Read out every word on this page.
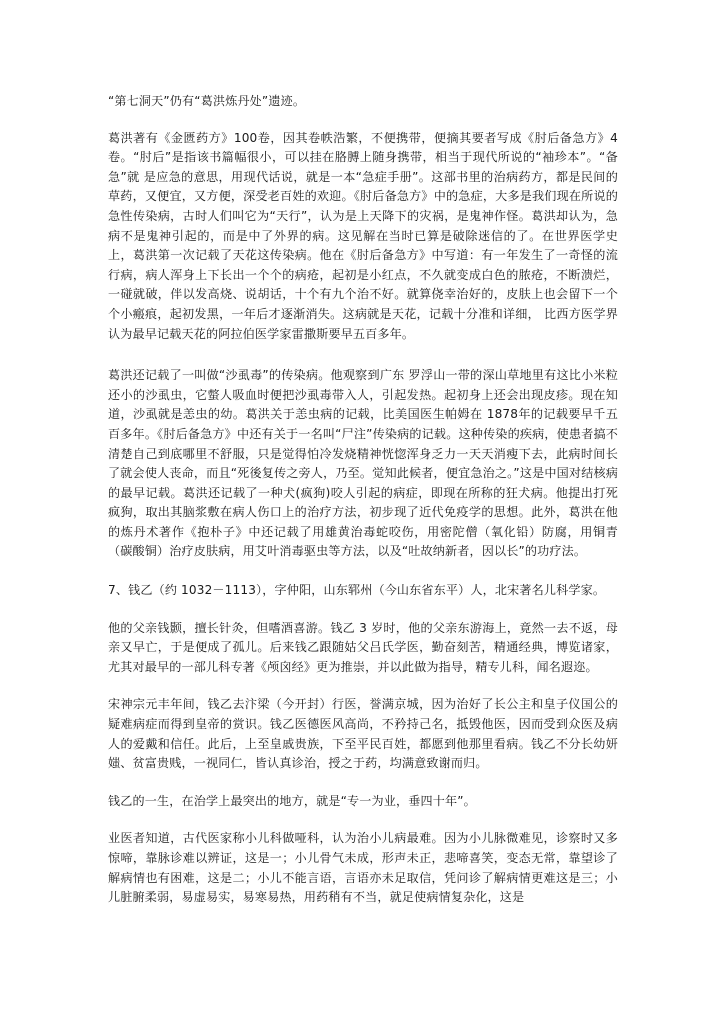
“第七洞天”仍有“葛洪炼丹处”遗迹。

葛洪著有《金匮药方》100卷，因其卷帙浩繁，不便携带，便摘其要者写成《肘后备急方》4卷。“肘后”是指该书篇幅很小，可以挂在胳膊上随身携带，相当于现代所说的“袖珍本”。“备急”就 是应急的意思，用现代话说，就是一本“急症手册”。这部书里的治病药方，都是民间的草药，又便宜，又方便，深受老百姓的欢迎。《肘后备急方》中的急症，大多是我们现在所说的急性传染病，古时人们叫它为“天行”，认为是上天降下的灾祸，是鬼神作怪。葛洪却认为，急病不是鬼神引起的，而是中了外界的病。这见解在当时已算是破除迷信的了。在世界医学史上，葛洪第一次记载了天花这传染病。他在《肘后备急方》中写道：有一年发生了一奇怪的流行病，病人浑身上下长出一个个的病疮，起初是小红点，不久就变成白色的脓疮，不断溃烂，一碰就破，伴以发高烧、说胡话，十个有九个治不好。就算侥幸治好的，皮肤上也会留下一个个小瘢痕，起初发黑，一年后才逐渐消失。这病就是天花，记载十分准和详细， 比西方医学界认为最早记载天花的阿拉伯医学家雷撒斯要早五百多年。

葛洪还记载了一叫做“沙虱毒”的传染病。他观察到广东 罗浮山一带的深山草地里有这比小米粒还小的沙虱虫，它螫人吸血时便把沙虱毒带入人，引起发热。起初身上还会出现皮疹。现在知道，沙虱就是恙虫的幼。葛洪关于恙虫病的记载，比美国医生帕姆在 1878年的记载要早千五百多年。《肘后备急方》中还有关于一名叫“尸注”传染病的记载。这种传染的疾病，使患者搞不清楚自己到底哪里不舒服，只是觉得怕冷发烧精神恍惚浑身乏力一天天消瘦下去，此病时间长了就会使人丧命，而且“死後复传之旁人，乃至。觉知此候者，便宜急治之。”这是中国对结核病的最早记载。葛洪还记载了一种犬(疯狗)咬人引起的病症，即现在所称的狂犬病。他提出打死疯狗，取出其脑浆敷在病人伤口上的治疗方法，初步现了近代免疫学的思想。此外，葛洪在他的炼丹术著作《抱朴子》中还记载了用雄黄治毒蛇咬伤，用密陀僧（氧化铅）防腐，用铜青（碳酸铜）治疗皮肤病，用艾叶消毒驱虫等方法，以及“吐故纳新者，因以长”的功疗法。

7、钱乙（约 1032－1113），字仲阳，山东郓州（今山东省东平）人，北宋著名儿科学家。

他的父亲钱颢，擅长针灸，但嗜酒喜游。钱乙 3 岁时，他的父亲东游海上，竟然一去不返，母亲又早亡，于是便成了孤儿。后来钱乙跟随姑父吕氏学医，勤奋刻苦，精通经典，博览诸家，尤其对最早的一部儿科专著《颅囟经》更为推崇，并以此做为指导，精专儿科，闻名遐迩。

宋神宗元丰年间，钱乙去汴梁（今开封）行医，誉满京城，因为治好了长公主和皇子仪国公的疑难病症而得到皇帝的赏识。钱乙医德医风高尚，不矜持己名，抵毁他医，因而受到众医及病人的爱戴和信任。此后，上至皇戚贵族，下至平民百姓，都愿到他那里看病。钱乙不分长幼妍媸、贫富贵贱，一视同仁，皆认真诊治，授之于药，均满意致谢而归。

钱乙的一生，在治学上最突出的地方，就是“专一为业，垂四十年”。

业医者知道，古代医家称小儿科做哑科，认为治小儿病最难。因为小儿脉微难见，诊察时又多惊啼，靠脉诊难以辨证，这是一；小儿骨气未成，形声未正，悲啼喜笑，变态无常，靠望诊了解病情也有困难，这是二；小儿不能言语，言语亦未足取信，凭问诊了解病情更难这是三；小儿脏腑柔弱，易虚易实，易寒易热，用药稍有不当，就足使病情复杂化，这是
